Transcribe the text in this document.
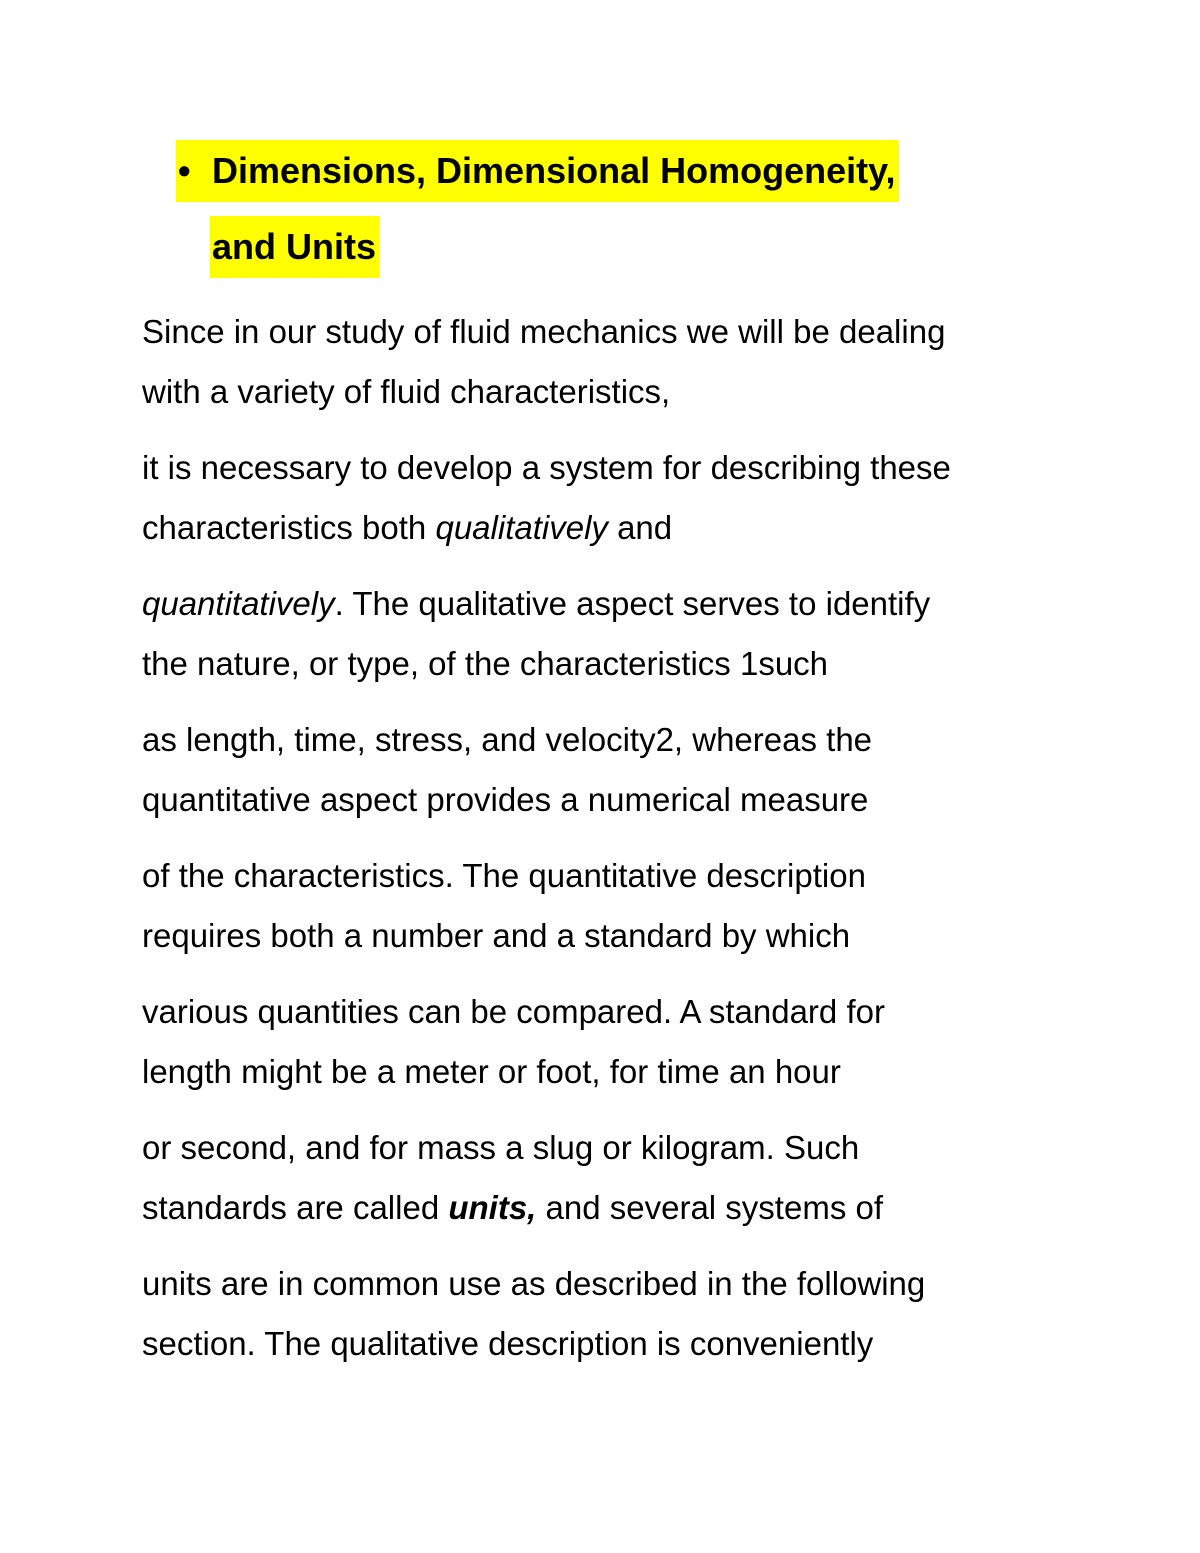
• Dimensions, Dimensional Homogeneity,
and Units
Since in our study of fluid mechanics we will be dealing
with a variety of fluid characteristics,
it is necessary to develop a system for describing these
characteristics both qualitatively and
quantitatively. The qualitative aspect serves to identify
the nature, or type, of the characteristics 1such
as length, time, stress, and velocity2, whereas the
quantitative aspect provides a numerical measure
of the characteristics. The quantitative description
requires both a number and a standard by which
various quantities can be compared. A standard for
length might be a meter or foot, for time an hour
or second, and for mass a slug or kilogram. Such
standards are called units, and several systems of
units are in common use as described in the following
section. The qualitative description is conveniently
